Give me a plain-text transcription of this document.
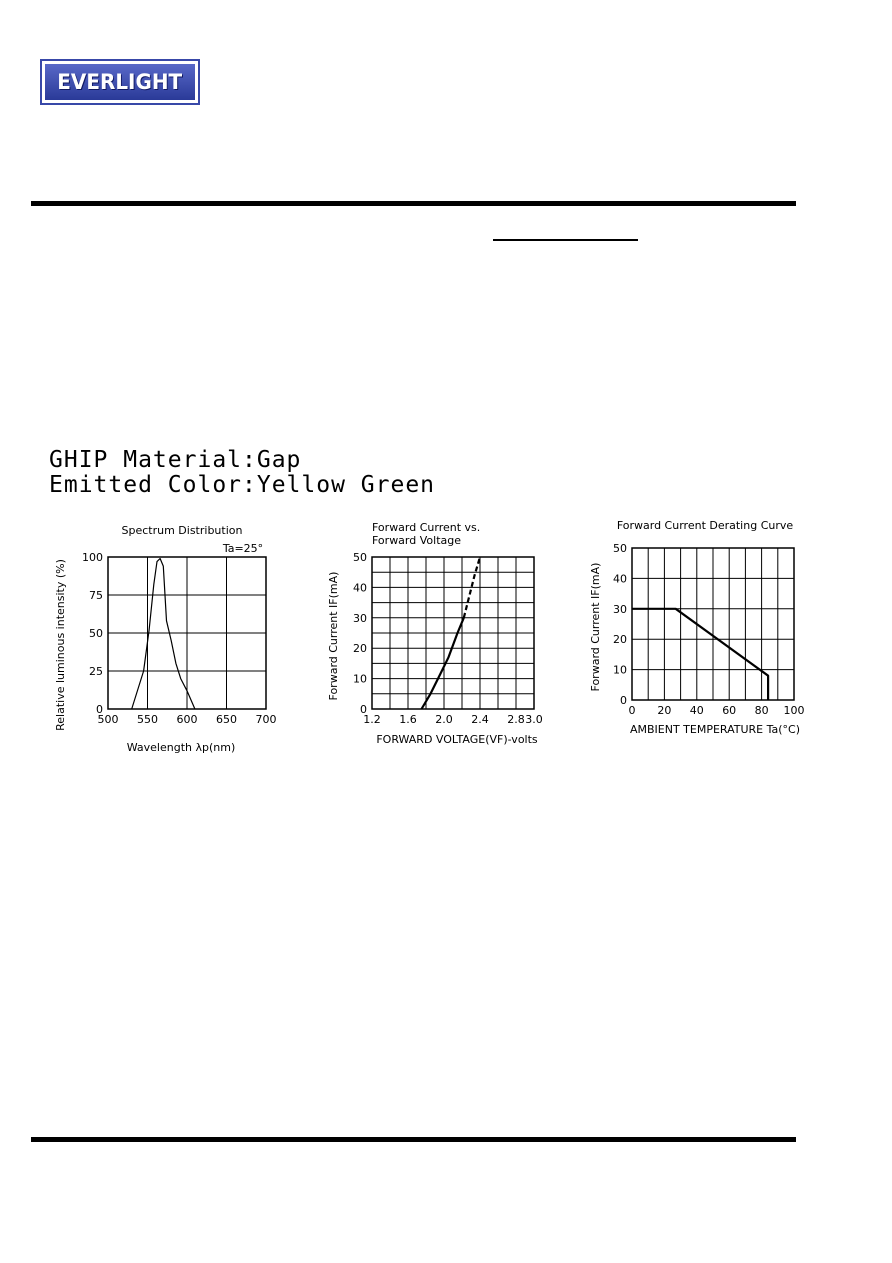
EVERLIGHT
GHIP Material:Gap
Emitted Color:Yellow Green
Spectrum Distribution
Ta=25°
Wavelength λp(nm)
Relative luminous intensity (%)	500 550 600 650 700
0
25
50
75
100
Forward Current vs. Forward Voltage
FORWARD VOLTAGE(VF)-volts
Forward Current IF(mA)
1.2 1.6 2.0 2.4 2.8 3.0
0
10
20
30
40
50
Forward Current Derating Curve
AMBIENT TEMPERATURE Ta(°C)
Forward Current IF(mA)
0 20 40 60 80 100
0
10
20
30
40
50
